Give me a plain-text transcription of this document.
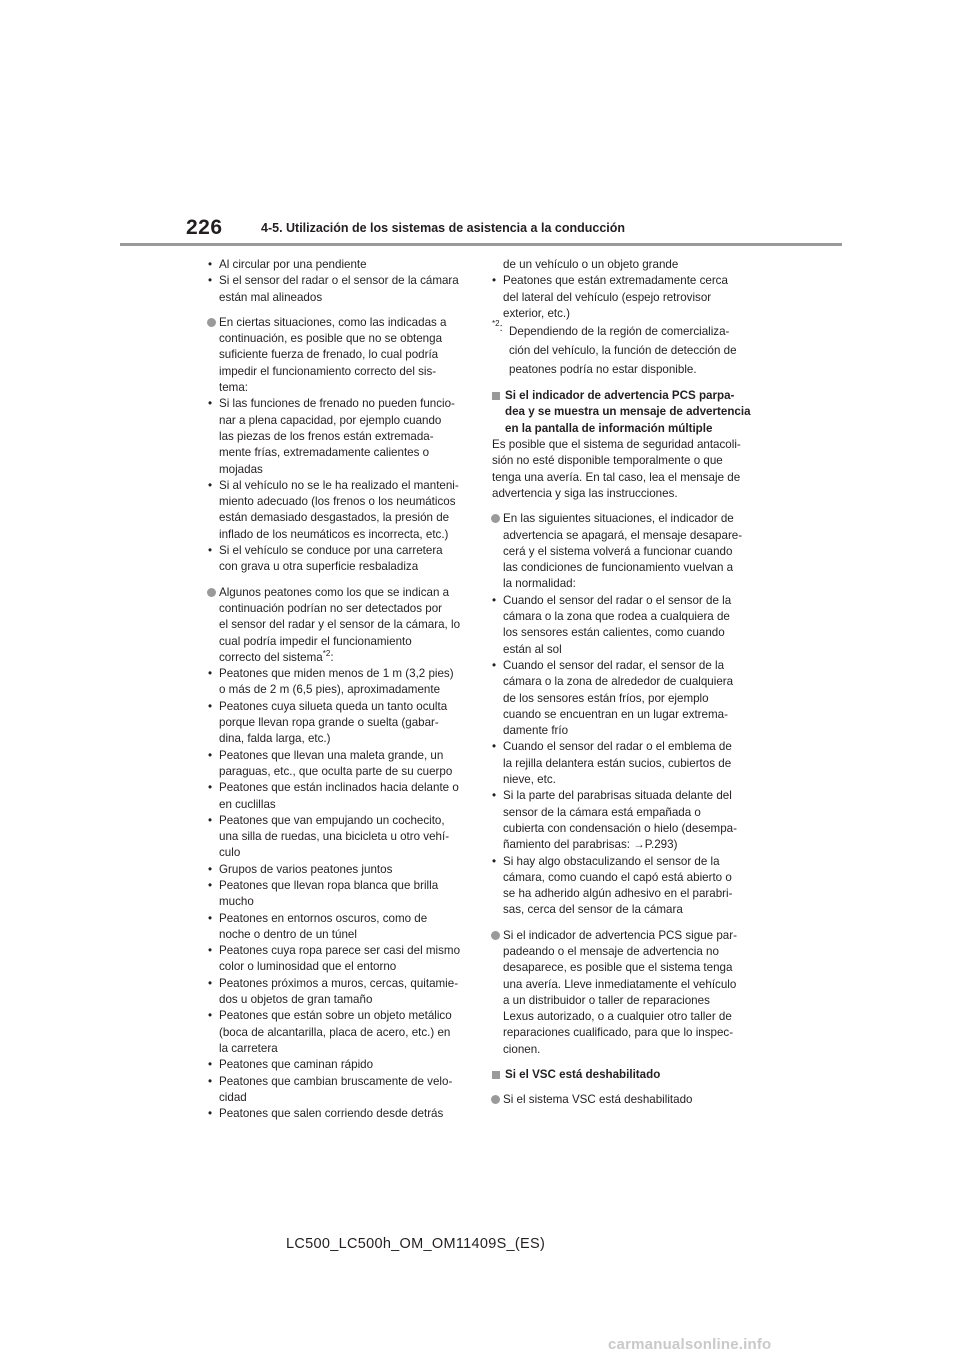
226	4-5. Utilización de los sistemas de asistencia a la conducción
• Al circular por una pendiente
• Si el sensor del radar o el sensor de la cámara
están mal alineados
En ciertas situaciones, como las indicadas a
continuación, es posible que no se obtenga
suficiente fuerza de frenado, lo cual podría
impedir el funcionamiento correcto del sis-
tema:
• Si las funciones de frenado no pueden funcio-
nar a plena capacidad, por ejemplo cuando
las piezas de los frenos están extremada-
mente frías, extremadamente calientes o
mojadas
• Si al vehículo no se le ha realizado el manteni-
miento adecuado (los frenos o los neumáticos
están demasiado desgastados, la presión de
inflado de los neumáticos es incorrecta, etc.)
• Si el vehículo se conduce por una carretera
con grava u otra superficie resbaladiza
Algunos peatones como los que se indican a
continuación podrían no ser detectados por
el sensor del radar y el sensor de la cámara, lo
cual podría impedir el funcionamiento
correcto del sistema$^{*2}$:
• Peatones que miden menos de 1 m (3,2 pies)
o más de 2 m (6,5 pies), aproximadamente
• Peatones cuya silueta queda un tanto oculta
porque llevan ropa grande o suelta (gabar-
dina, falda larga, etc.)
• Peatones que llevan una maleta grande, un
paraguas, etc., que oculta parte de su cuerpo
• Peatones que están inclinados hacia delante o
en cuclillas
• Peatones que van empujando un cochecito,
una silla de ruedas, una bicicleta u otro vehí-
culo
• Grupos de varios peatones juntos
• Peatones que llevan ropa blanca que brilla
mucho
• Peatones en entornos oscuros, como de
noche o dentro de un túnel
• Peatones cuya ropa parece ser casi del mismo
color o luminosidad que el entorno
• Peatones próximos a muros, cercas, quitamie-
dos u objetos de gran tamaño
• Peatones que están sobre un objeto metálico
(boca de alcantarilla, placa de acero, etc.) en
la carretera
• Peatones que caminan rápido
• Peatones que cambian bruscamente de velo-
cidad
• Peatones que salen corriendo desde detrás
de un vehículo o un objeto grande
• Peatones que están extremadamente cerca
del lateral del vehículo (espejo retrovisor
exterior, etc.)
$^{*2}$: Dependiendo de la región de comercializa-
ción del vehículo, la función de detección de
peatones podría no estar disponible.
Si el indicador de advertencia PCS parpa-
dea y se muestra un mensaje de advertencia
en la pantalla de información múltiple
Es posible que el sistema de seguridad antacoli-
sión no esté disponible temporalmente o que
tenga una avería. En tal caso, lea el mensaje de
advertencia y siga las instrucciones.
En las siguientes situaciones, el indicador de
advertencia se apagará, el mensaje desapare-
cerá y el sistema volverá a funcionar cuando
las condiciones de funcionamiento vuelvan a
la normalidad:
• Cuando el sensor del radar o el sensor de la
cámara o la zona que rodea a cualquiera de
los sensores están calientes, como cuando
están al sol
• Cuando el sensor del radar, el sensor de la
cámara o la zona de alrededor de cualquiera
de los sensores están fríos, por ejemplo
cuando se encuentran en un lugar extrema-
damente frío
• Cuando el sensor del radar o el emblema de
la rejilla delantera están sucios, cubiertos de
nieve, etc.
• Si la parte del parabrisas situada delante del
sensor de la cámara está empañada o
cubierta con condensación o hielo (desempa-
ñamiento del parabrisas: →P.293)
• Si hay algo obstaculizando el sensor de la
cámara, como cuando el capó está abierto o
se ha adherido algún adhesivo en el parabri-
sas, cerca del sensor de la cámara
Si el indicador de advertencia PCS sigue par-
padeando o el mensaje de advertencia no
desaparece, es posible que el sistema tenga
una avería. Lleve inmediatamente el vehículo
a un distribuidor o taller de reparaciones
Lexus autorizado, o a cualquier otro taller de
reparaciones cualificado, para que lo inspec-
cionen.
Si el VSC está deshabilitado
Si el sistema VSC está deshabilitado
LC500_LC500h_OM_OM11409S_(ES)
carmanualsonline.info
